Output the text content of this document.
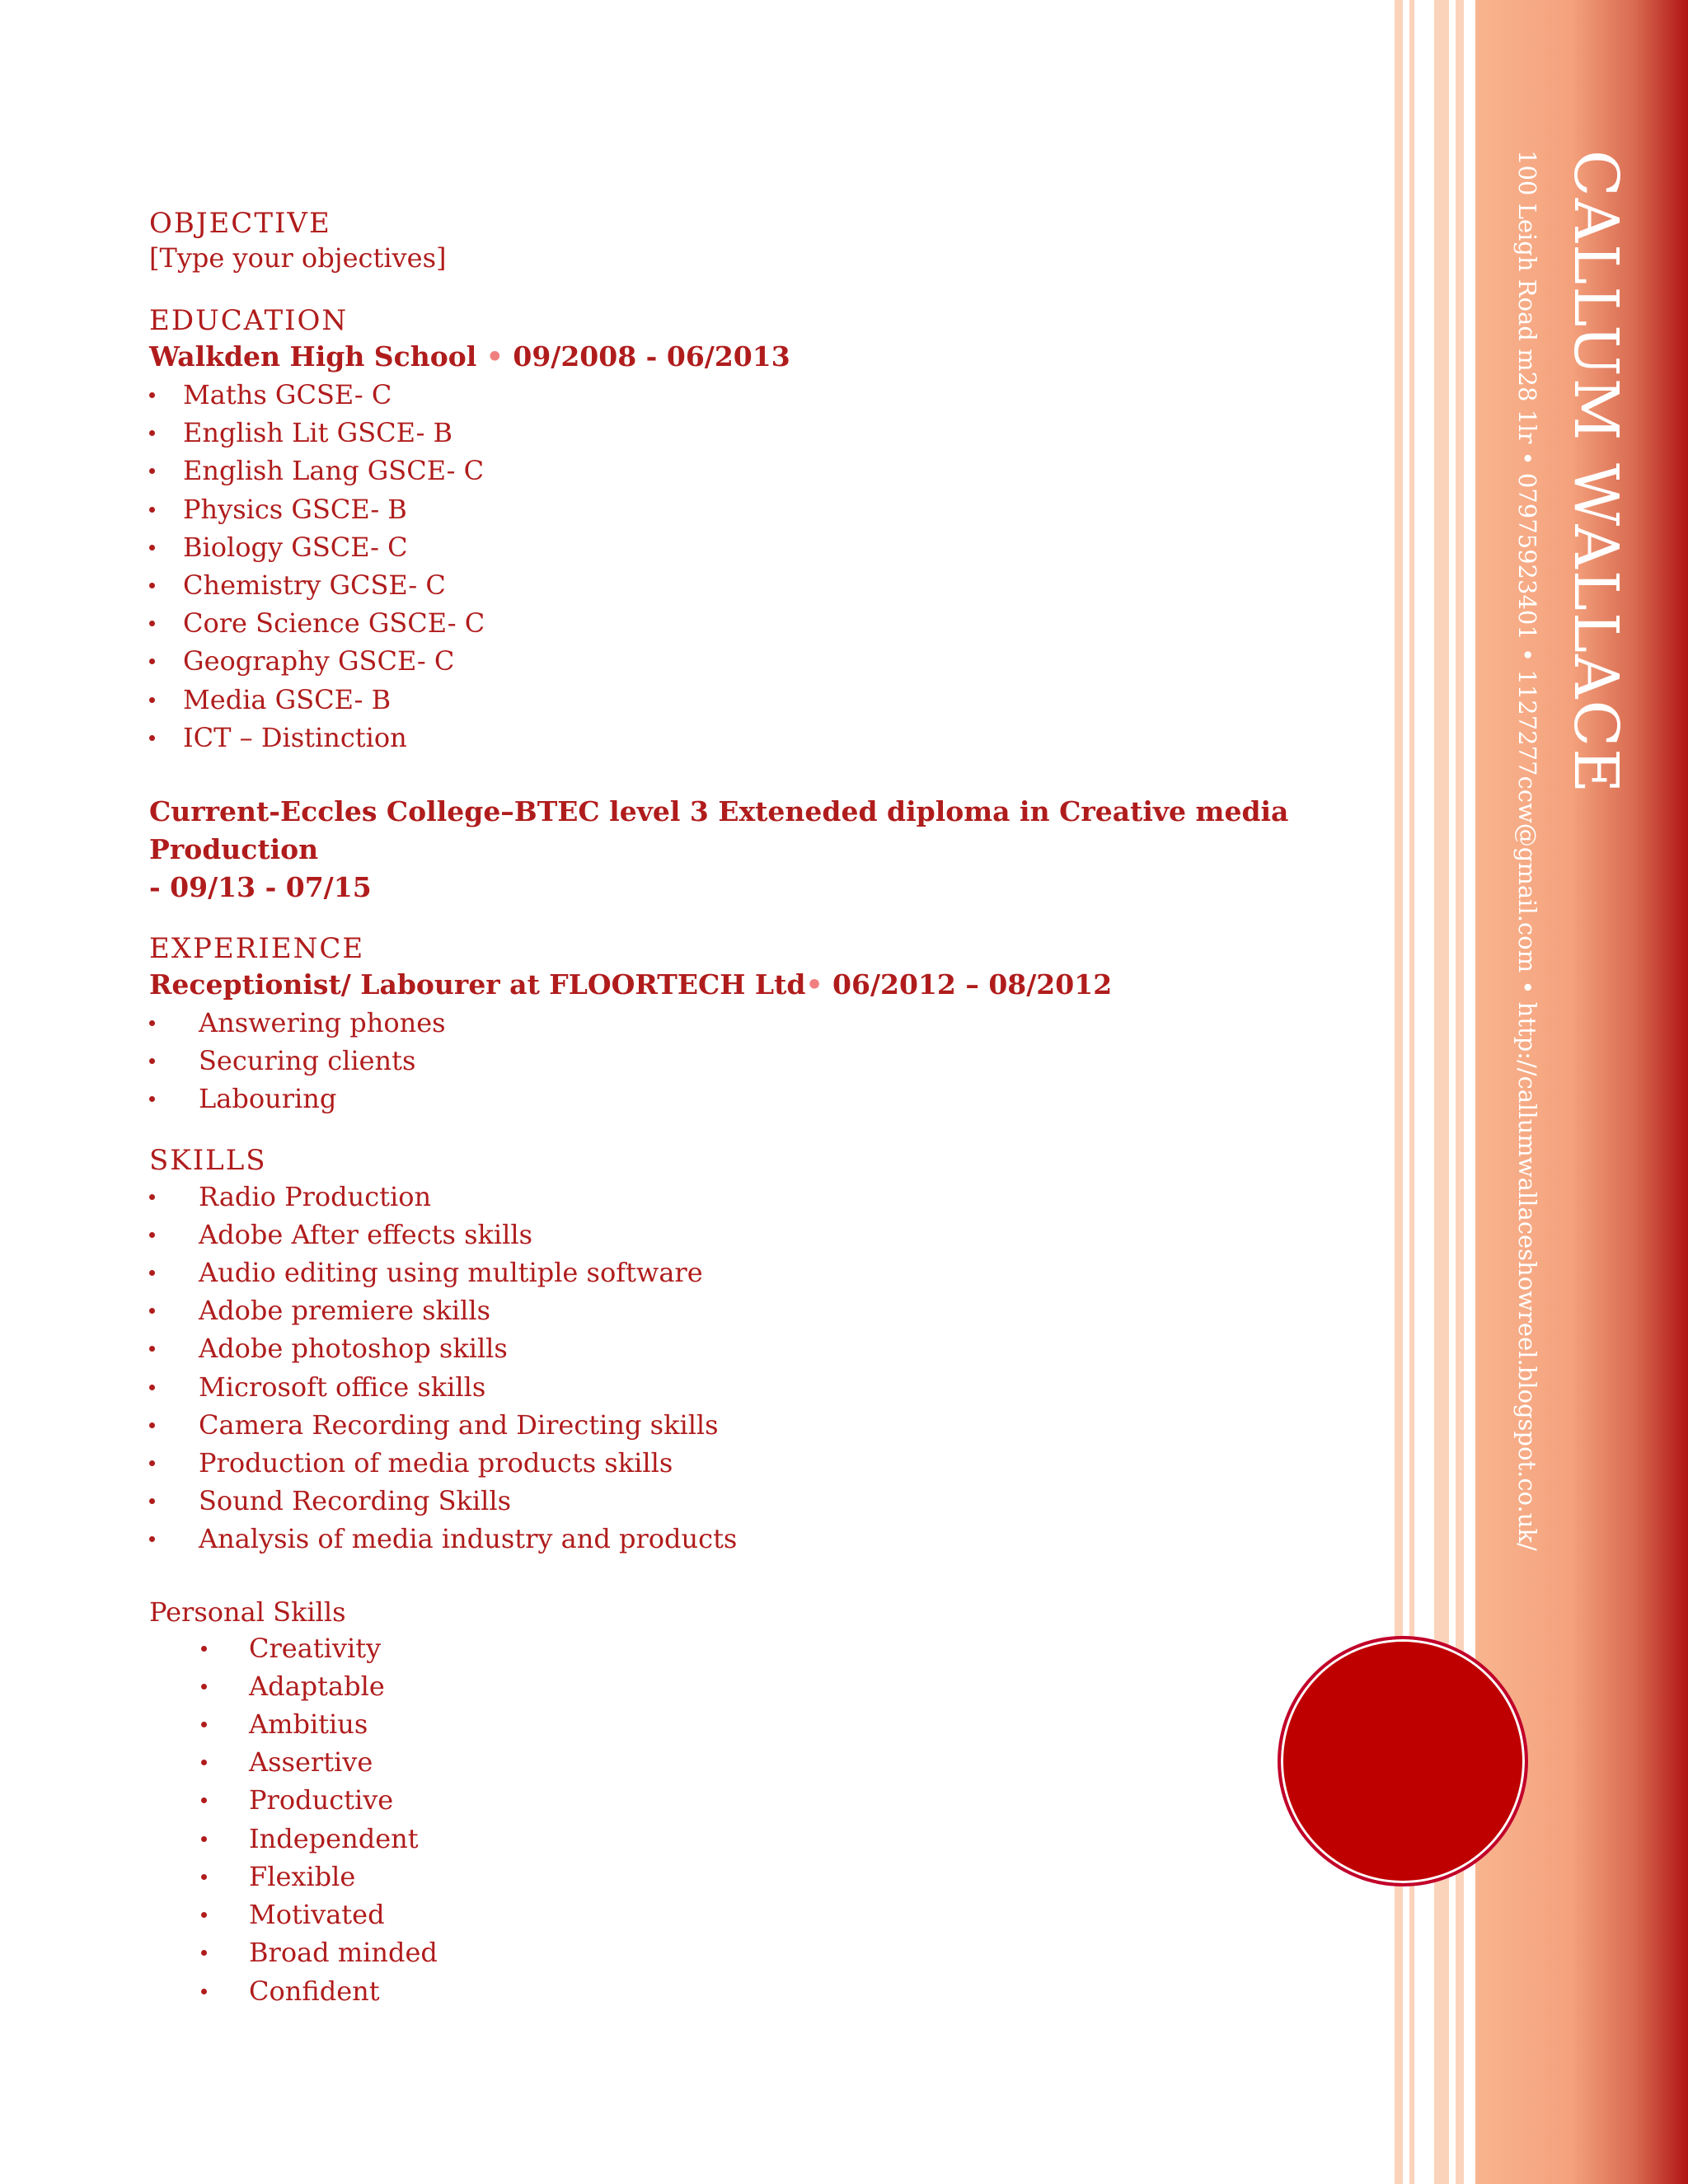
CALLUM WALLACE
100 Leigh Road m28 1lr • 07975923401 • 1127277ccw@gmail.com • http://callumwallaceshowreel.blogspot.co.uk/

OBJECTIVE

[Type your objectives]

EDUCATION

Walkden High School • 09/2008 - 06/2013

Maths GCSE- C
English Lit GSCE- B
English Lang GSCE- C
Physics GSCE- B
Biology GSCE- C
Chemistry GCSE- C
Core Science GSCE- C
Geography GSCE- C
Media GSCE- B
ICT – Distinction

Current-Eccles College–BTEC level 3 Exteneded diploma in Creative media Production

- 09/13 - 07/15

EXPERIENCE

Receptionist/ Labourer at FLOORTECH Ltd• 06/2012 – 08/2012

Answering phones
Securing clients
Labouring

SKILLS

Radio Production
Adobe After effects skills
Audio editing using multiple software
Adobe premiere skills
Adobe photoshop skills
Microsoft office skills
Camera Recording and Directing skills
Production of media products skills
Sound Recording Skills
Analysis of media industry and products

Personal Skills

Creativity
Adaptable
Ambitius
Assertive
Productive
Independent
Flexible
Motivated
Broad minded
Confident
